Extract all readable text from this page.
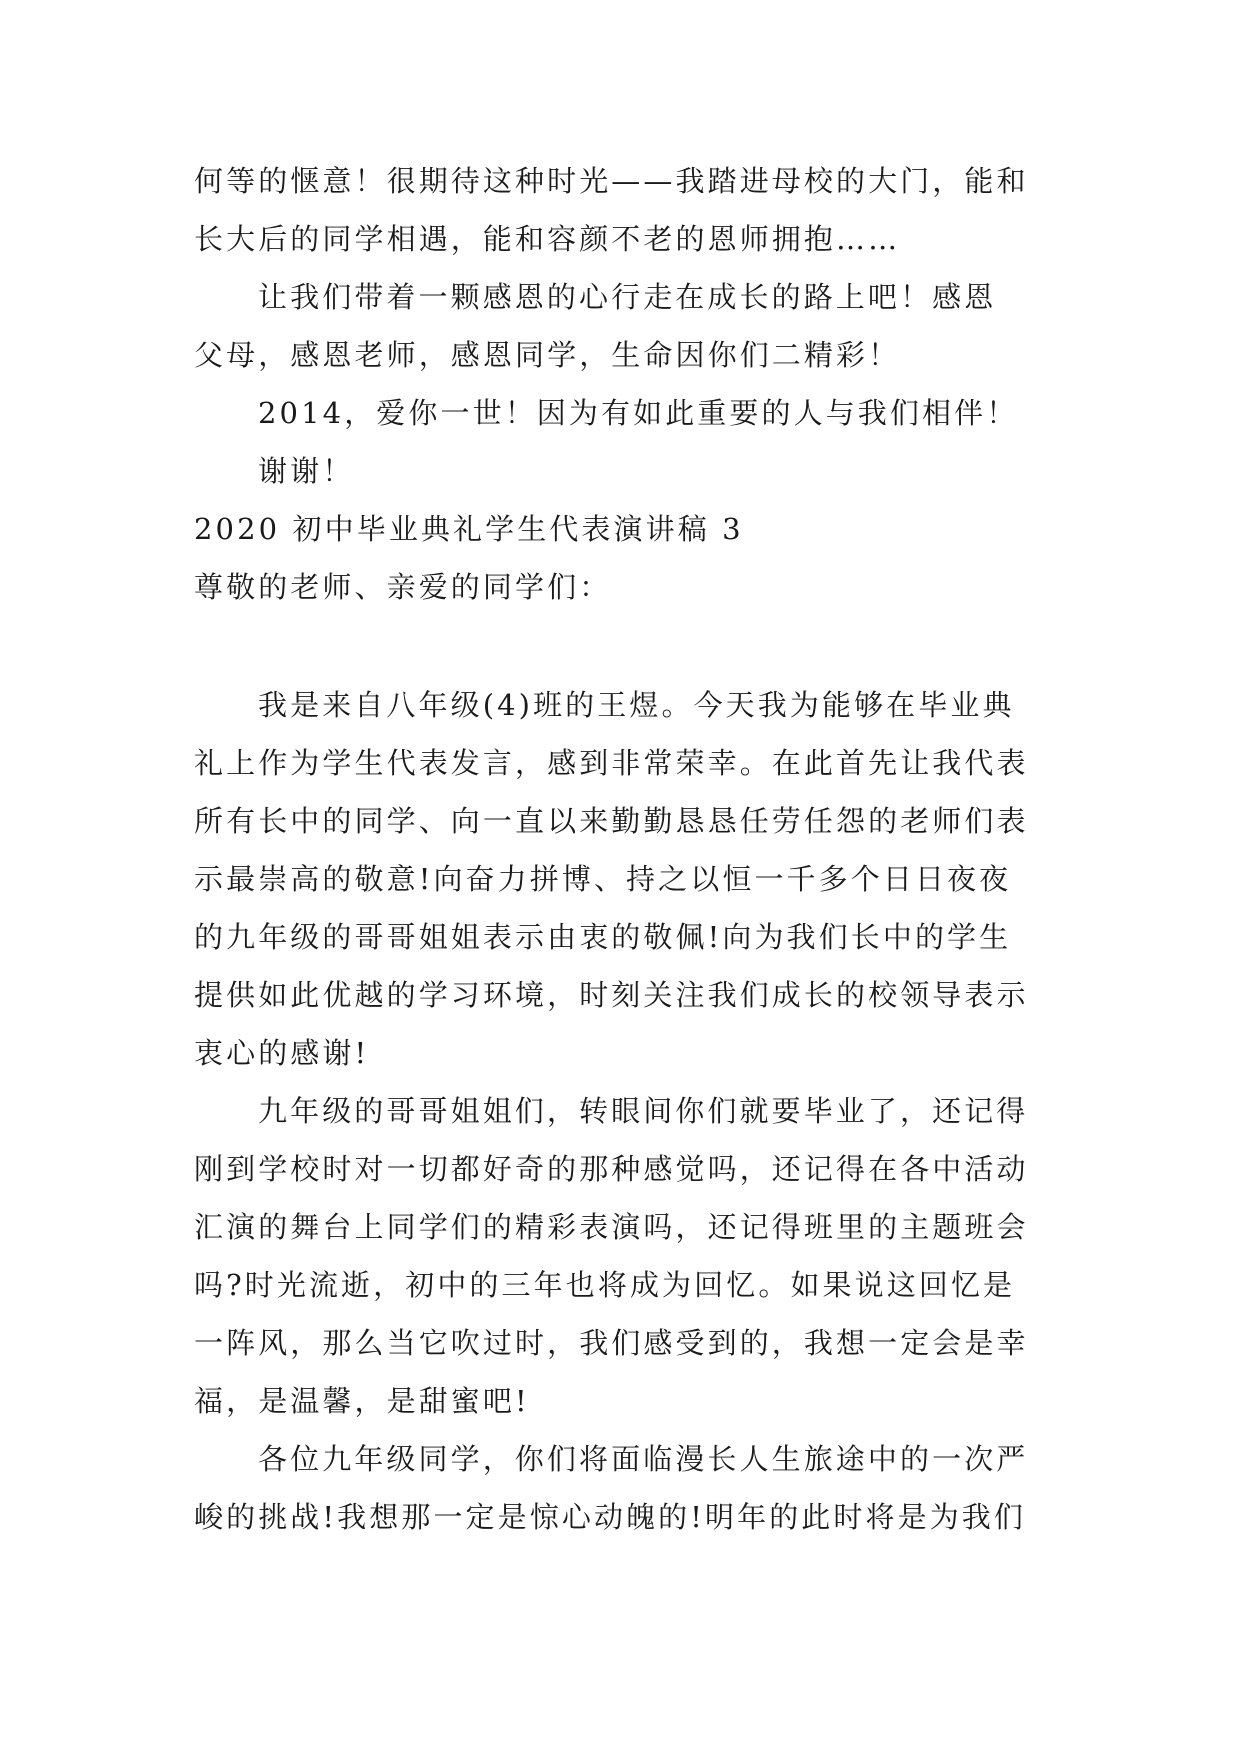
何等的惬意！很期待这种时光——我踏进母校的大门，能和
长大后的同学相遇，能和容颜不老的恩师拥抱……
让我们带着一颗感恩的心行走在成长的路上吧！感恩
父母，感恩老师，感恩同学，生命因你们二精彩！
2014，爱你一世！因为有如此重要的人与我们相伴！
谢谢！
2020 初中毕业典礼学生代表演讲稿 3
尊敬的老师、亲爱的同学们：
我是来自八年级(4)班的王煜。今天我为能够在毕业典
礼上作为学生代表发言，感到非常荣幸。在此首先让我代表
所有长中的同学、向一直以来勤勤恳恳任劳任怨的老师们表
示最崇高的敬意!向奋力拼博、持之以恒一千多个日日夜夜
的九年级的哥哥姐姐表示由衷的敬佩!向为我们长中的学生
提供如此优越的学习环境，时刻关注我们成长的校领导表示
衷心的感谢!
九年级的哥哥姐姐们，转眼间你们就要毕业了，还记得
刚到学校时对一切都好奇的那种感觉吗，还记得在各中活动
汇演的舞台上同学们的精彩表演吗，还记得班里的主题班会
吗?时光流逝，初中的三年也将成为回忆。如果说这回忆是
一阵风，那么当它吹过时，我们感受到的，我想一定会是幸
福，是温馨，是甜蜜吧!
各位九年级同学，你们将面临漫长人生旅途中的一次严
峻的挑战!我想那一定是惊心动魄的!明年的此时将是为我们
